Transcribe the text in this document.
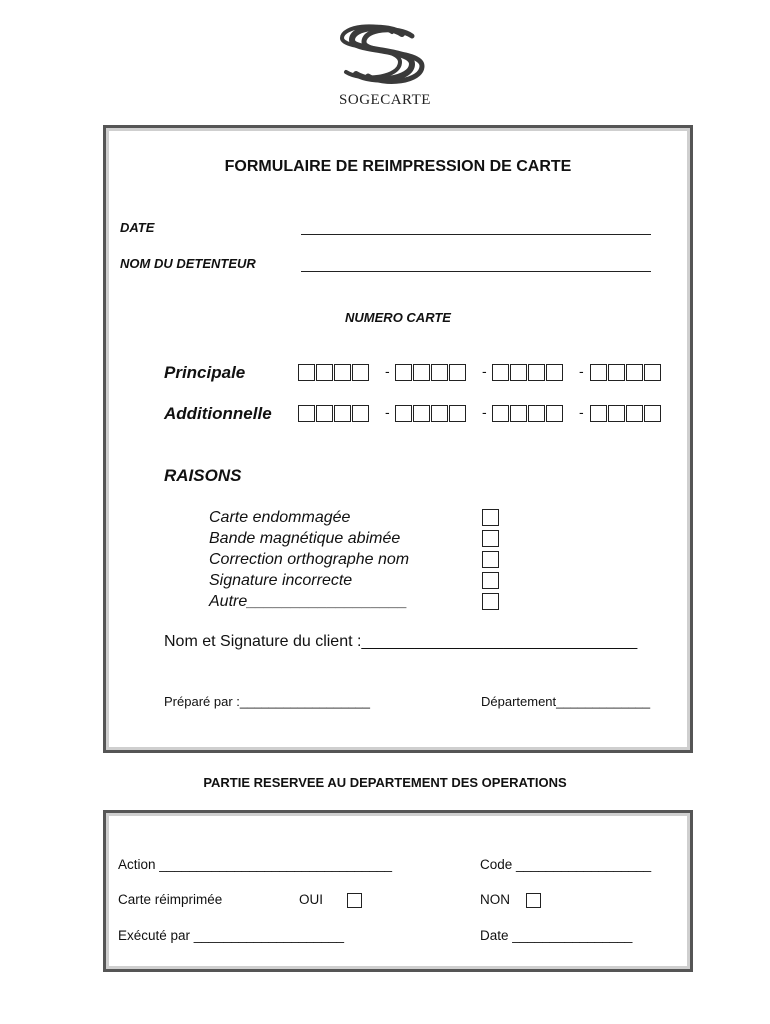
SOGECARTE
FORMULAIRE DE REIMPRESSION DE CARTE
DATE
NOM DU DETENTEUR
NUMERO CARTE
Principale	-	-	-
Additionnelle	-	-	-
RAISONS
Carte endommagée
Bande magnétique abimée
Correction orthographe nom
Signature incorrecte
Autre__________________
Nom et Signature du client :_______________________________
Préparé par :__________________	Département_____________
PARTIE RESERVEE AU DEPARTEMENT DES OPERATIONS
Action _______________________________	Code __________________
Carte réimprimée	OUI	NON
Exécuté par ____________________	Date ________________
